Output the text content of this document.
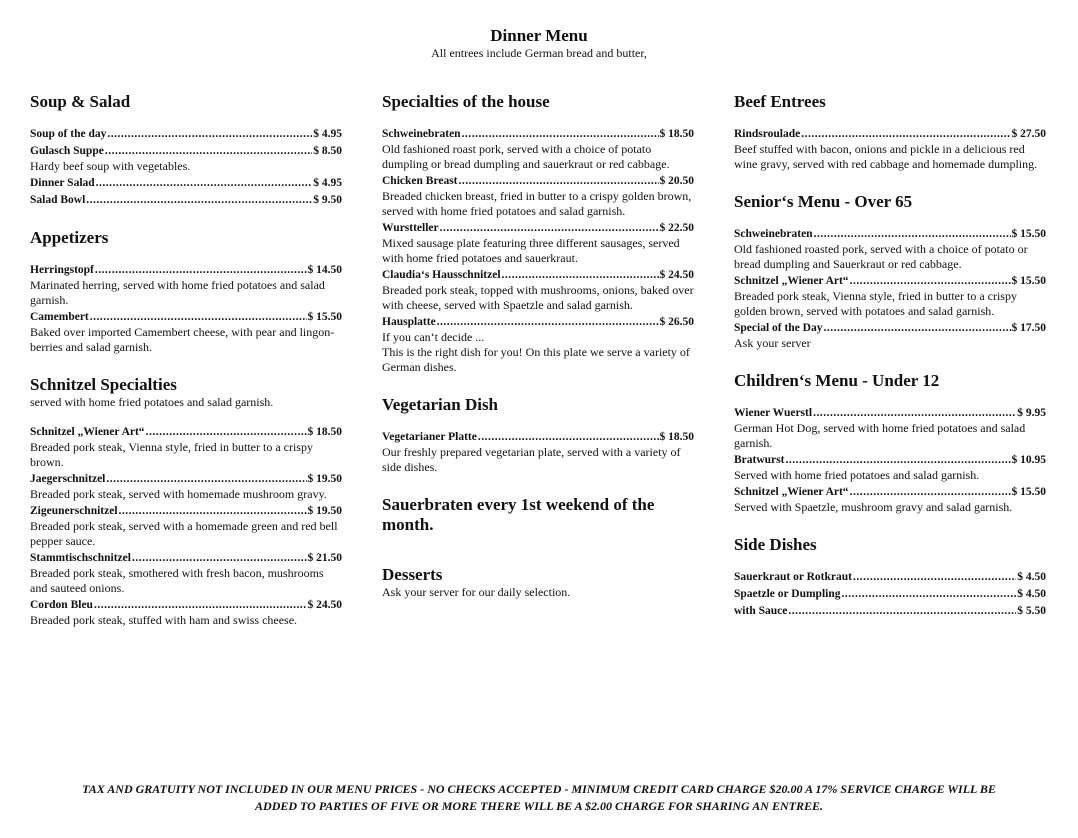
Dinner Menu
All entrees include German bread and butter,
Soup & Salad
Soup of the day .....	$ 4.95
Gulasch Suppe .....	$ 8.50
Hardy beef soup with vegetables.
Dinner Salad .....	$ 4.95
Salad Bowl .....	$ 9.50
Appetizers
Herringstopf .....	$ 14.50
Marinated herring, served with home fried potatoes and salad garnish.
Camembert .....	$ 15.50
Baked over imported Camembert cheese, with pear and lingon-berries and salad garnish.
Schnitzel Specialties
served with home fried potatoes and salad garnish.
Schnitzel „Wiener Art“ .....	$ 18.50
Breaded pork steak, Vienna style, fried in butter to a crispy brown.
Jaegerschnitzel .....	$ 19.50
Breaded pork steak, served with homemade mushroom gravy.
Zigeunerschnitzel .....	$ 19.50
Breaded pork steak, served with a homemade green and red bell pepper sauce.
Stammtischschnitzel .....	$ 21.50
Breaded pork steak, smothered with fresh bacon, mushrooms and sauteed onions.
Cordon Bleu .....	$ 24.50
Breaded pork steak, stuffed with ham and swiss cheese.
Specialties of the house
Schweinebraten .....	$ 18.50
Old fashioned roast pork, served with a choice of potato dumpling or bread dumpling and sauerkraut or red cabbage.
Chicken Breast .....	$ 20.50
Breaded chicken breast, fried in butter to a crispy golden brown, served with home fried potatoes and salad garnish.
Wurstteller .....	$ 22.50
Mixed sausage plate featuring three different sausages, served with home fried potatoes and sauerkraut.
Claudia‘s Hausschnitzel .....	$ 24.50
Breaded pork steak, topped with mushrooms, onions, baked over with cheese, served with Spaetzle and salad garnish.
Hausplatte .....	$ 26.50
If you can‘t decide ...
This is the right dish for you! On this plate we serve a variety of German dishes.
Vegetarian Dish
Vegetarianer Platte .....	$ 18.50
Our freshly prepared vegetarian plate, served with a variety of side dishes.
Sauerbraten every 1st weekend of the month.
Desserts
Ask your server for our daily selection.
Beef Entrees
Rindsroulade .....	$ 27.50
Beef stuffed with bacon, onions and pickle in a delicious red wine gravy, served with red cabbage and homemade dumpling.
Senior‘s Menu - Over 65
Schweinebraten .....	$ 15.50
Old fashioned roasted pork, served with a choice of potato or bread dumpling and Sauerkraut or red cabbage.
Schnitzel „Wiener Art“ .....	$ 15.50
Breaded pork steak, Vienna style, fried in butter to a crispy golden brown, served with potatoes and salad garnish.
Special of the Day .....	$ 17.50
Ask your server
Children‘s Menu - Under 12
Wiener Wuerstl .....	$ 9.95
German Hot Dog, served with home fried potatoes and salad garnish.
Bratwurst .....	$ 10.95
Served with home fried potatoes and salad garnish.
Schnitzel „Wiener Art“ .....	$ 15.50
Served with Spaetzle, mushroom gravy and salad garnish.
Side Dishes
Sauerkraut or Rotkraut .....	$ 4.50
Spaetzle or Dumpling .....	$ 4.50
with Sauce .....	$ 5.50
TAX AND GRATUITY NOT INCLUDED IN OUR MENU PRICES - NO CHECKS ACCEPTED - MINIMUM CREDIT CARD CHARGE $20.00 A 17% SERVICE CHARGE WILL BE
ADDED TO PARTIES OF FIVE OR MORE THERE WILL BE A $2.00 CHARGE FOR SHARING AN ENTREE.
